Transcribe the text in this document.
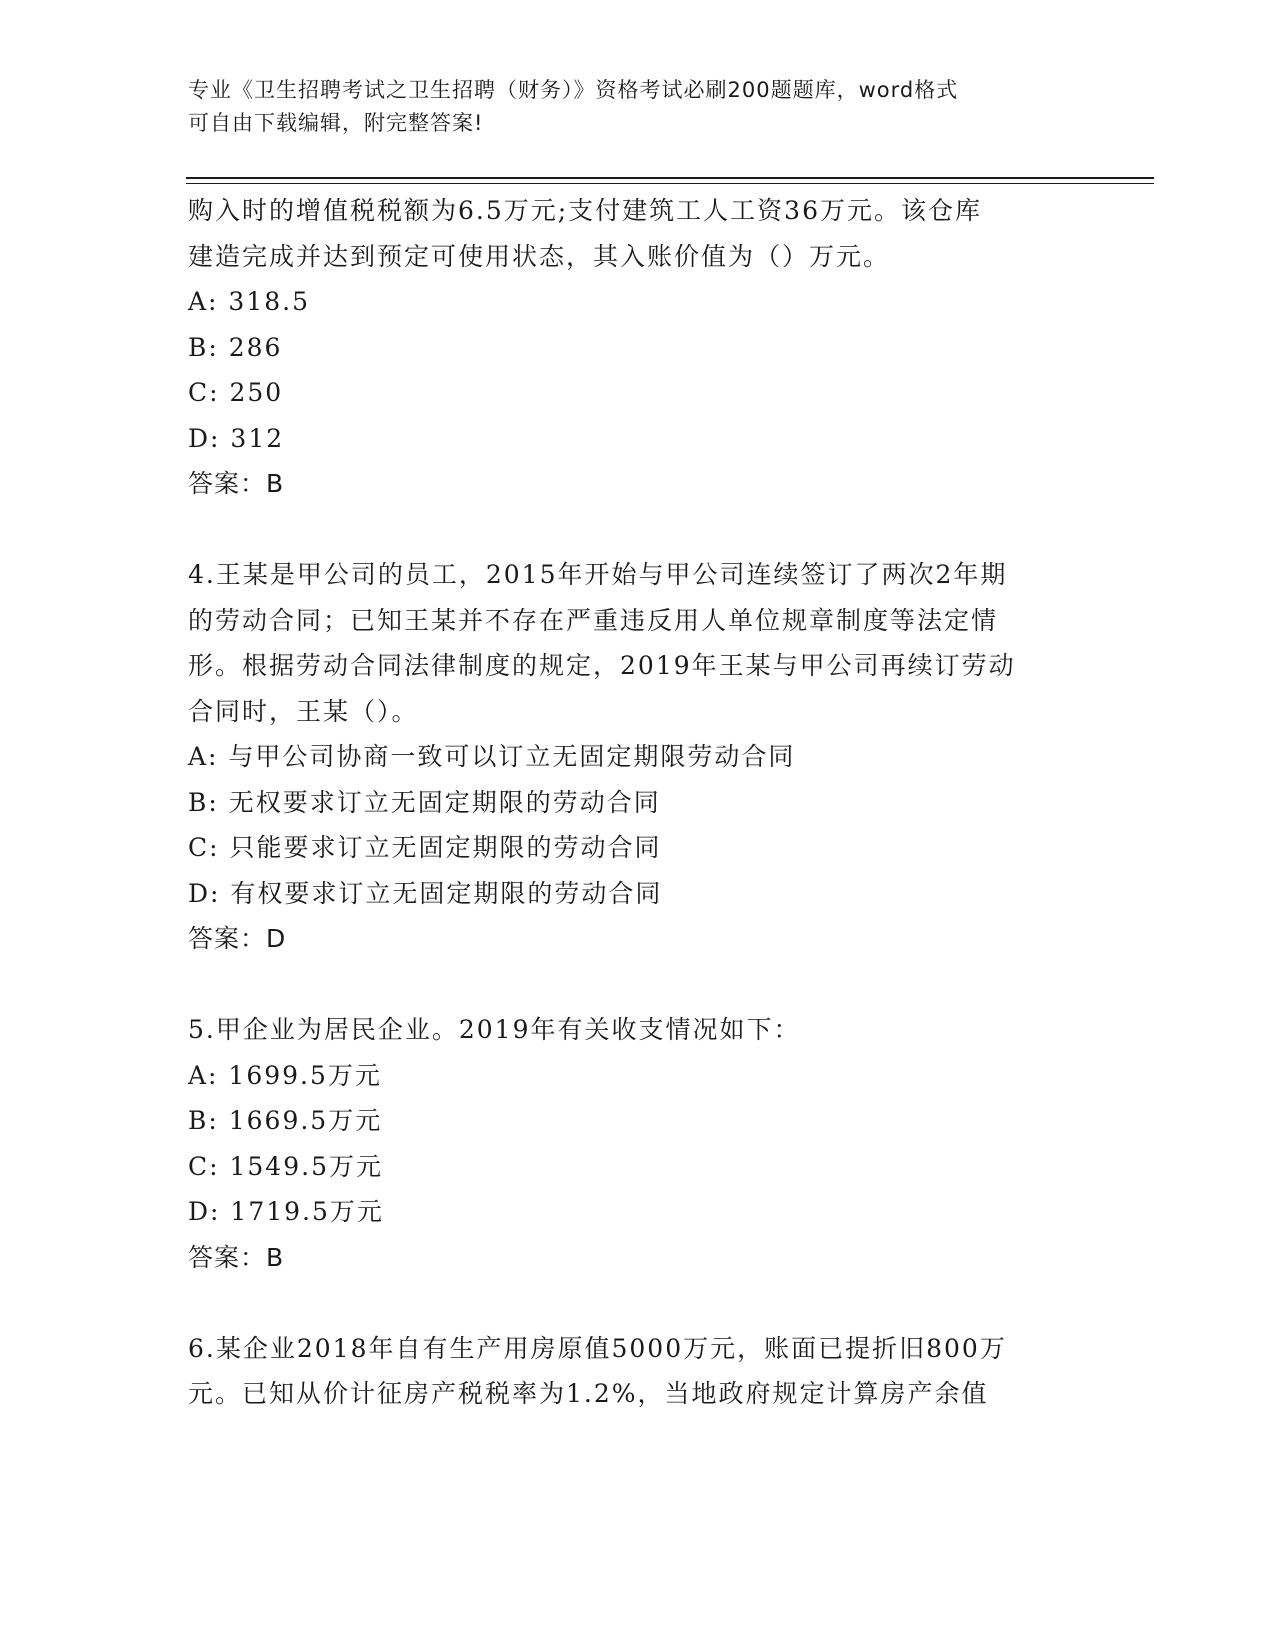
专业《卫生招聘考试之卫生招聘（财务）》资格考试必刷200题题库，word格式
可自由下载编辑，附完整答案!
购入时的增值税税额为6.5万元;支付建筑工人工资36万元。该仓库
建造完成并达到预定可使用状态，其入账价值为（）万元。
A: 318.5
B: 286
C: 250
D: 312
答案：B
4.王某是甲公司的员工，2015年开始与甲公司连续签订了两次2年期
的劳动合同；已知王某并不存在严重违反用人单位规章制度等法定情
形。根据劳动合同法律制度的规定，2019年王某与甲公司再续订劳动
合同时，王某（）。
A: 与甲公司协商一致可以订立无固定期限劳动合同
B: 无权要求订立无固定期限的劳动合同
C: 只能要求订立无固定期限的劳动合同
D: 有权要求订立无固定期限的劳动合同
答案：D
5.甲企业为居民企业。2019年有关收支情况如下：
A: 1699.5万元
B: 1669.5万元
C: 1549.5万元
D: 1719.5万元
答案：B
6.某企业2018年自有生产用房原值5000万元，账面已提折旧800万
元。已知从价计征房产税税率为1.2%，当地政府规定计算房产余值
